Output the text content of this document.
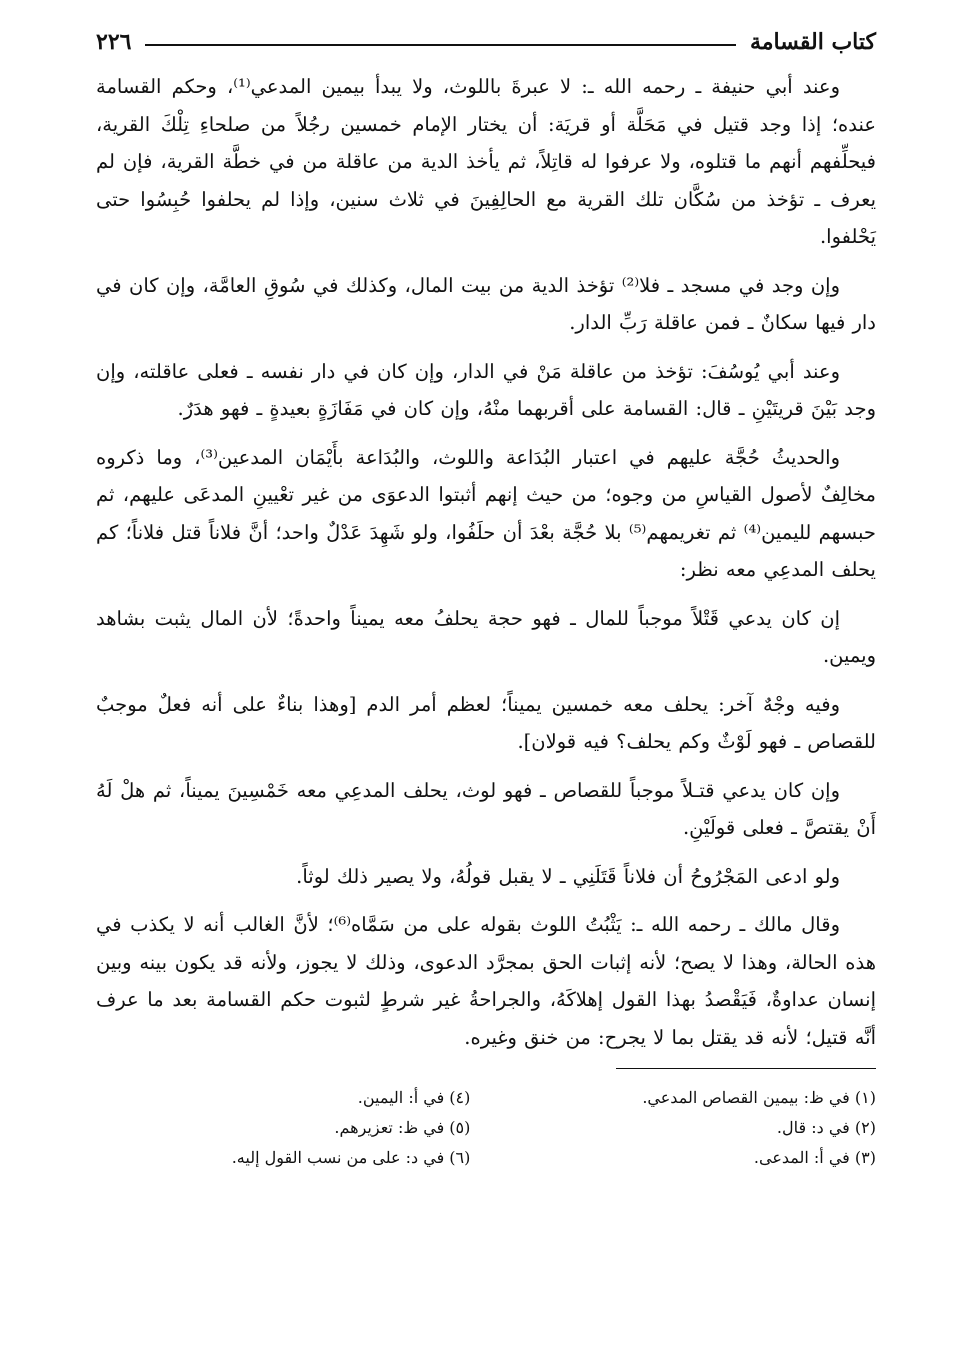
كتاب القسامة
٢٢٦

وعند أبي حنيفة ـ رحمه الله ـ: لا عبرةَ باللوث، ولا يبدأ بيمين المدعي⁽¹⁾، وحكم القسامة عنده؛ إذا وجد قتيل في مَحَلَّة أو قريَة: أن يختار الإمام خمسين رجُلاً من صلحاءِ تِلْكَ القرية، فيحلِّفهم أنهم ما قتلوه، ولا عرفوا له قاتِلاً، ثم يأخذ الدية من عاقلة من في خطَّة القرية، فإن لم يعرف ـ تؤخذ من سُكَّان تلك القرية مع الحالِفِينَ في ثلاث سنين، وإذا لم يحلفوا حُبِسُوا حتى يَحْلفوا.

وإن وجد في مسجد ـ فلا⁽²⁾ تؤخذ الدية من بيت المال، وكذلك في سُوقِ العامَّة، وإن كان في دار فيها سكانٌ ـ فمن عاقلة رَبِّ الدار.

وعند أبي يُوسُفَ: تؤخذ من عاقلة مَنْ في الدار، وإن كان في دار نفسه ـ فعلى عاقلته، وإن وجد بَيْنَ قريتَيْنِ ـ قال: القسامة على أقربهما منْهُ، وإن كان في مَفَازَةٍ بعيدةٍ ـ فهو هدَرٌ.

والحديثُ حُجَّة عليهم في اعتبار البُدَاعة واللوث، والبُدَاعة بأَيْمَان المدعين⁽³⁾، وما ذكروه مخالِفٌ لأصول القياسِ من وجوه؛ من حيث إنهم أثبتوا الدعوَى من غير تعْيينِ المدعَى عليهم، ثم حبسهم لليمين⁽⁴⁾ ثم تغريمهم⁽⁵⁾ بلا حُجَّة بعْدَ أن حلَفُوا، ولو شَهِدَ عَدْلٌ واحد؛ أنَّ فلاناً قتل فلاناً؛ كم يحلف المدعِي معه نظر:

إن كان يدعي قَتْلاً موجباً للمال ـ فهو حجة يحلفُ معه يميناً واحدةً؛ لأن المال يثبت بشاهد ويمين.

وفيه وجْهٌ آخر: يحلف معه خمسين يميناً؛ لعظم أمر الدم [وهذا بناءٌ على أنه فعلٌ موجبٌ للقصاص ـ فهو لَوْثٌ وكم يحلف؟ فيه قولان].

وإن كان يدعي قتـلاً موجباً للقصاص ـ فهو لوث، يحلف المدعِي معه خَمْسِينَ يميناً، ثم هلْ لَهُ أَنْ يقتصَّ ـ فعلى قولَيْنِ.

ولو ادعى المَجْرُوحُ أن فلاناً قَتَلَنِي ـ لا يقبل قولُهُ، ولا يصير ذلك لوثاً.

وقال مالك ـ رحمه الله ـ: يَثْبُتُ اللوث بقوله على من سَمَّاه⁽⁶⁾؛ لأنَّ الغالب أنه لا يكذب في هذه الحالة، وهذا لا يصح؛ لأنه إثبات الحق بمجرَّد الدعوى، وذلك لا يجوز، ولأنه قد يكون بينه وبين إنسان عداوةٌ، فَيَقْصدُ بهذا القول إهلاكَهُ، والجراحةُ غير شرطٍ لثبوت حكم القسامة بعد ما عرف أنَّه قتيل؛ لأنه قد يقتل بما لا يجرح: من خنق وغيره.

(١) في ظ: بيمين القصاص المدعي.
(٢) في د: قال.
(٣) في أ: المدعى.
(٤) في أ: اليمين.
(٥) في ظ: تعزيرهم.
(٦) في د: على من نسب القول إليه.
